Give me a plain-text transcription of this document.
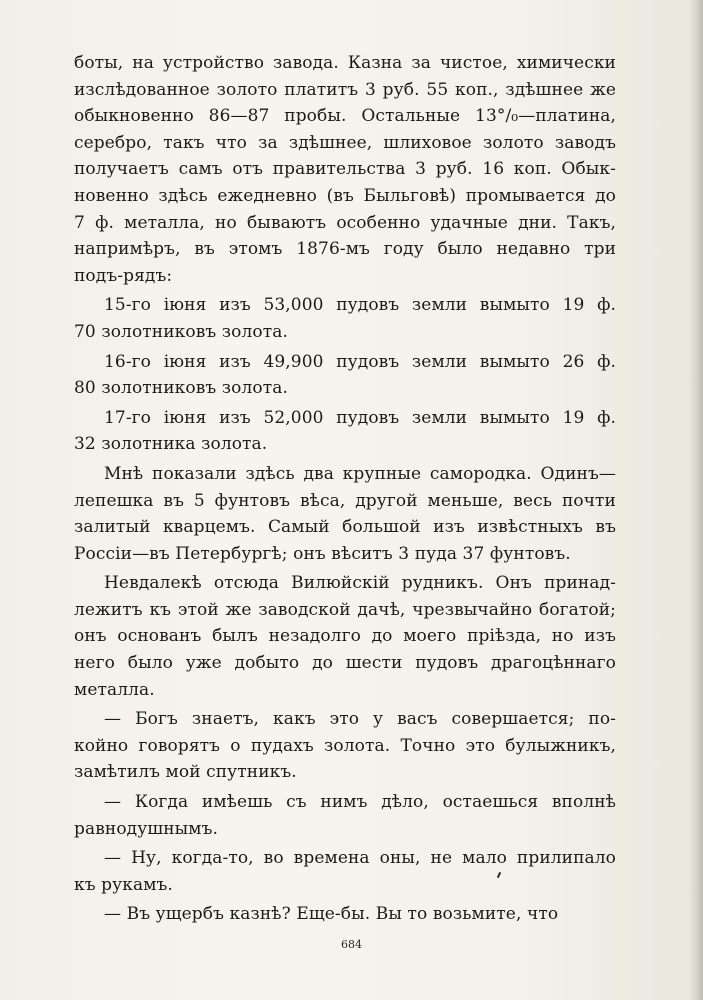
боты, на устройство завода. Казна за чистое, химически
изслѣдованное золото платитъ 3 руб. 55 коп., здѣшнее же
обыкновенно 86—87 пробы. Остальные 13°/₀—платина,
серебро, такъ что за здѣшнее, шлиховое золото заводъ
получаетъ самъ отъ правительства 3 руб. 16 коп. Обык-
новенно здѣсь ежедневно (въ Быльговѣ) промывается до
7 ф. металла, но бываютъ особенно удачные дни. Такъ,
напримѣръ, въ этомъ 1876-мъ году было недавно три
подъ-рядъ:
15-го іюня изъ 53,000 пудовъ земли вымыто 19 ф.
70 золотниковъ золота.
16-го іюня изъ 49,900 пудовъ земли вымыто 26 ф.
80 золотниковъ золота.
17-го іюня изъ 52,000 пудовъ земли вымыто 19 ф.
32 золотника золота.
Мнѣ показали здѣсь два крупные самородка. Одинъ—
лепешка въ 5 фунтовъ вѣса, другой меньше, весь почти
залитый кварцемъ. Самый большой изъ извѣстныхъ въ
Россіи—въ Петербургѣ; онъ вѣситъ 3 пуда 37 фунтовъ.
Невдалекѣ отсюда Вилюйскій рудникъ. Онъ принад-
лежитъ къ этой же заводской дачѣ, чрезвычайно богатой;
онъ основанъ былъ незадолго до моего пріѣзда, но изъ
него было уже добыто до шести пудовъ драгоцѣннаго
металла.
— Богъ знаетъ, какъ это у васъ совершается; по-
койно говорятъ о пудахъ золота. Точно это булыжникъ,
замѣтилъ мой спутникъ.
— Когда имѣешь съ нимъ дѣло, остаешься вполнѣ
равнодушнымъ.
— Ну, когда-то, во времена оны, не мало прилипало
къ рукамъ.
— Въ ущербъ казнѣ? Еще-бы. Вы то возьмите, что
684
